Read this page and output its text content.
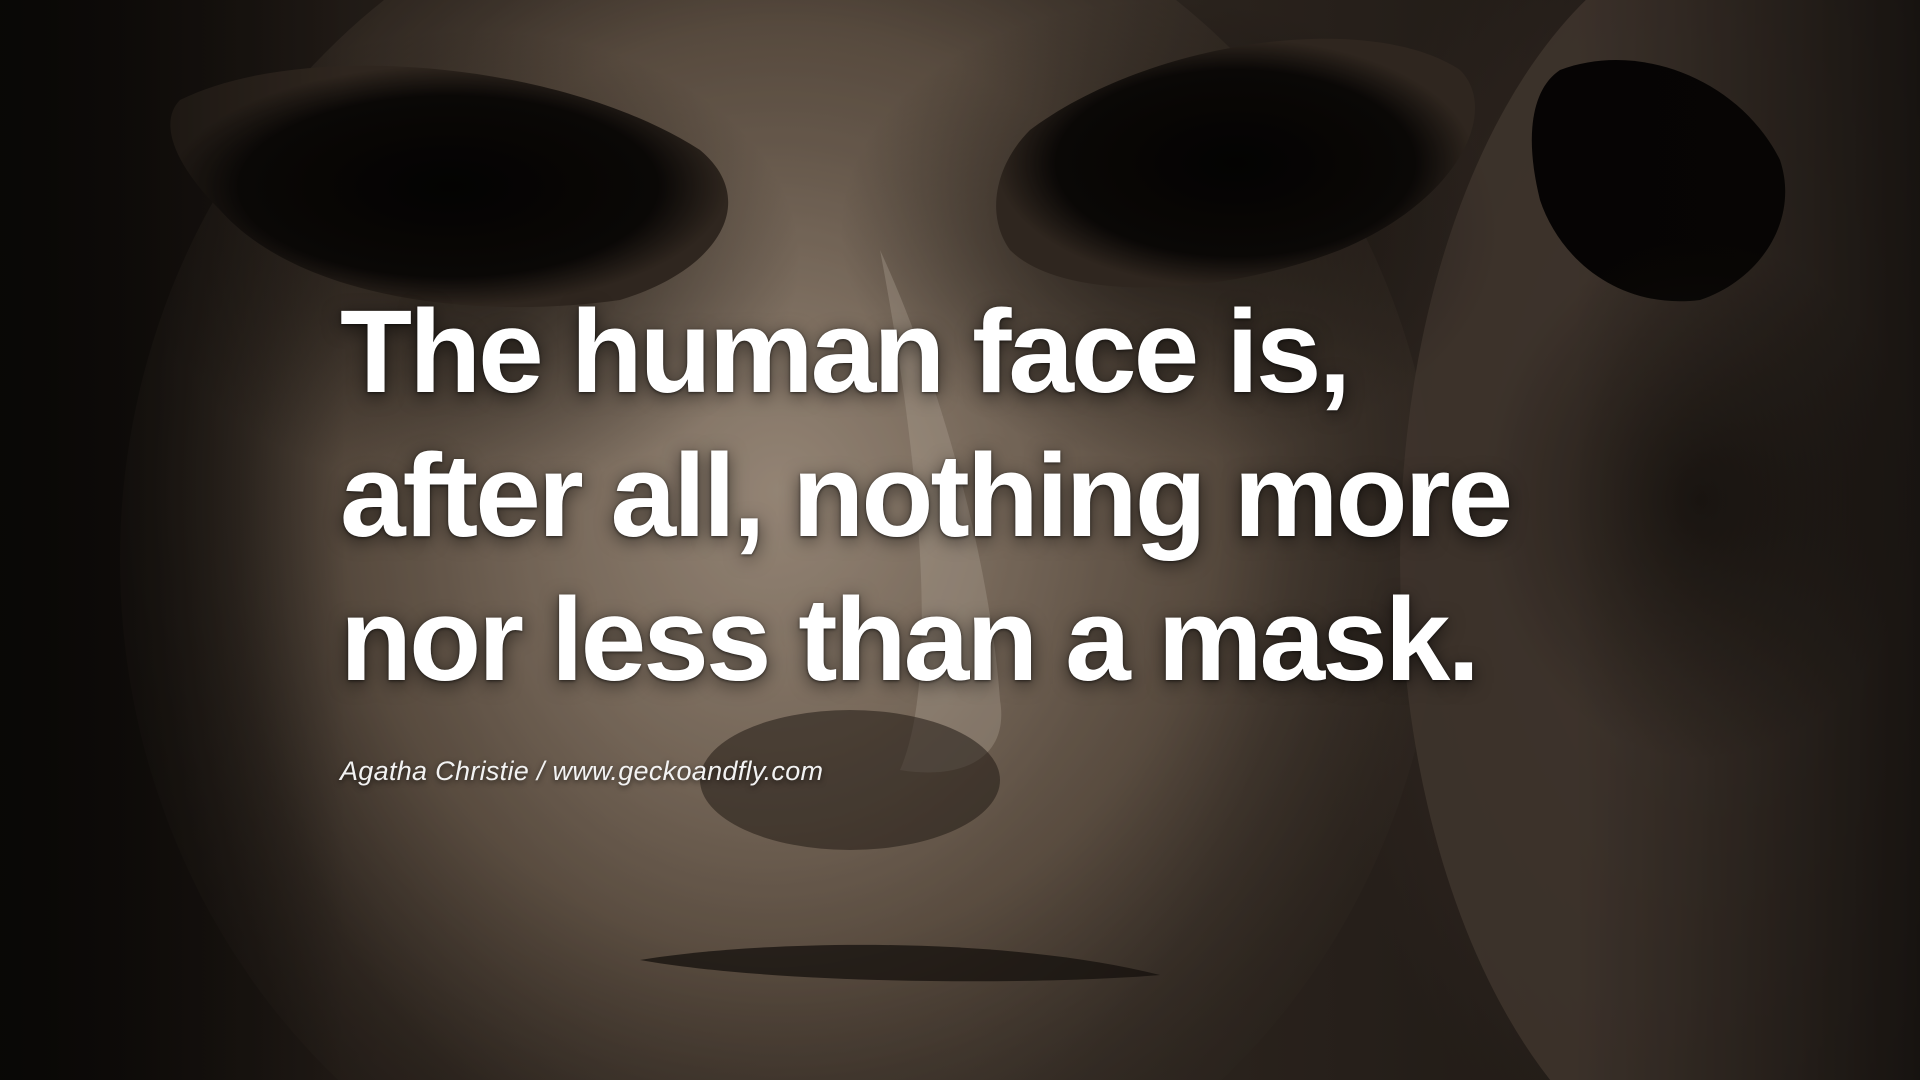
The human face is,
after all, nothing more
nor less than a mask.

Agatha Christie / www.geckoandfly.com
